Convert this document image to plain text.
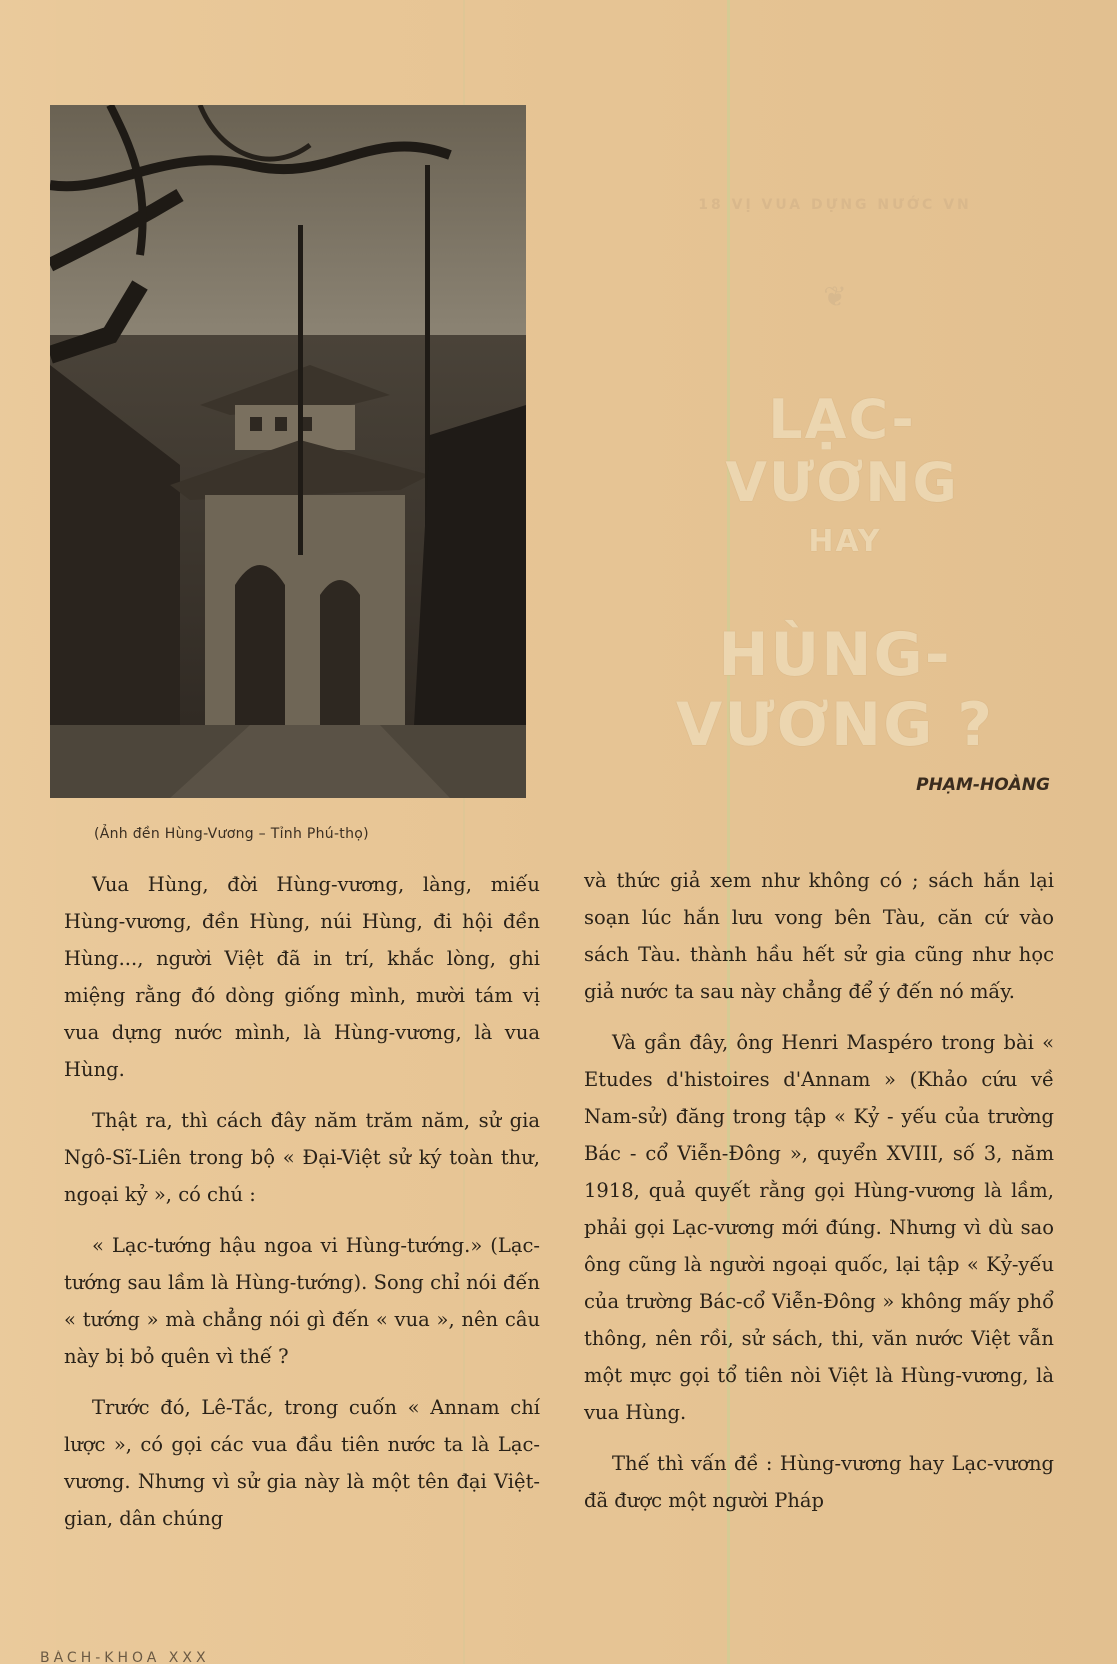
(Ảnh đền Hùng-Vương – Tỉnh Phú-thọ)
18 VỊ VUA DỰNG NƯỚC VN
❦
LẠC-VƯƠNG
HAY
HÙNG-VƯƠNG ?
PHẠM-HOÀNG

Vua Hùng, đời Hùng-vương, làng, miếu Hùng-vương, đền Hùng, núi Hùng, đi hội đền Hùng..., người Việt đã in trí, khắc lòng, ghi miệng rằng đó dòng giống mình, mười tám vị vua dựng nước mình, là Hùng-vương, là vua Hùng.

Thật ra, thì cách đây năm trăm năm, sử gia Ngô-Sĩ-Liên trong bộ « Đại-Việt sử ký toàn thư, ngoại kỷ », có chú :

« Lạc-tướng hậu ngoa vi Hùng-tướng.» (Lạc-tướng sau lầm là Hùng-tướng). Song chỉ nói đến « tướng » mà chẳng nói gì đến « vua », nên câu này bị bỏ quên vì thế ?

Trước đó, Lê-Tắc, trong cuốn « Annam chí lược », có gọi các vua đầu tiên nước ta là Lạc-vương. Nhưng vì sử gia này là một tên đại Việt-gian, dân chúng

và thức giả xem như không có ; sách hắn lại soạn lúc hắn lưu vong bên Tàu, căn cứ vào sách Tàu. thành hầu hết sử gia cũng như học giả nước ta sau này chẳng để ý đến nó mấy.

Và gần đây, ông Henri Maspéro trong bài « Etudes d'histoires d'Annam » (Khảo cứu về Nam-sử) đăng trong tập « Kỷ - yếu của trường Bác - cổ Viễn-Đông », quyển XVIII, số 3, năm 1918, quả quyết rằng gọi Hùng-vương là lầm, phải gọi Lạc-vương mới đúng. Nhưng vì dù sao ông cũng là người ngoại quốc, lại tập « Kỷ-yếu của trường Bác-cổ Viễn-Đông » không mấy phổ thông, nên rồi, sử sách, thi, văn nước Việt vẫn một mực gọi tổ tiên nòi Việt là Hùng-vương, là vua Hùng.

Thế thì vấn đề : Hùng-vương hay Lạc-vương đã được một người Pháp

BÁCH-KHOA XXX
